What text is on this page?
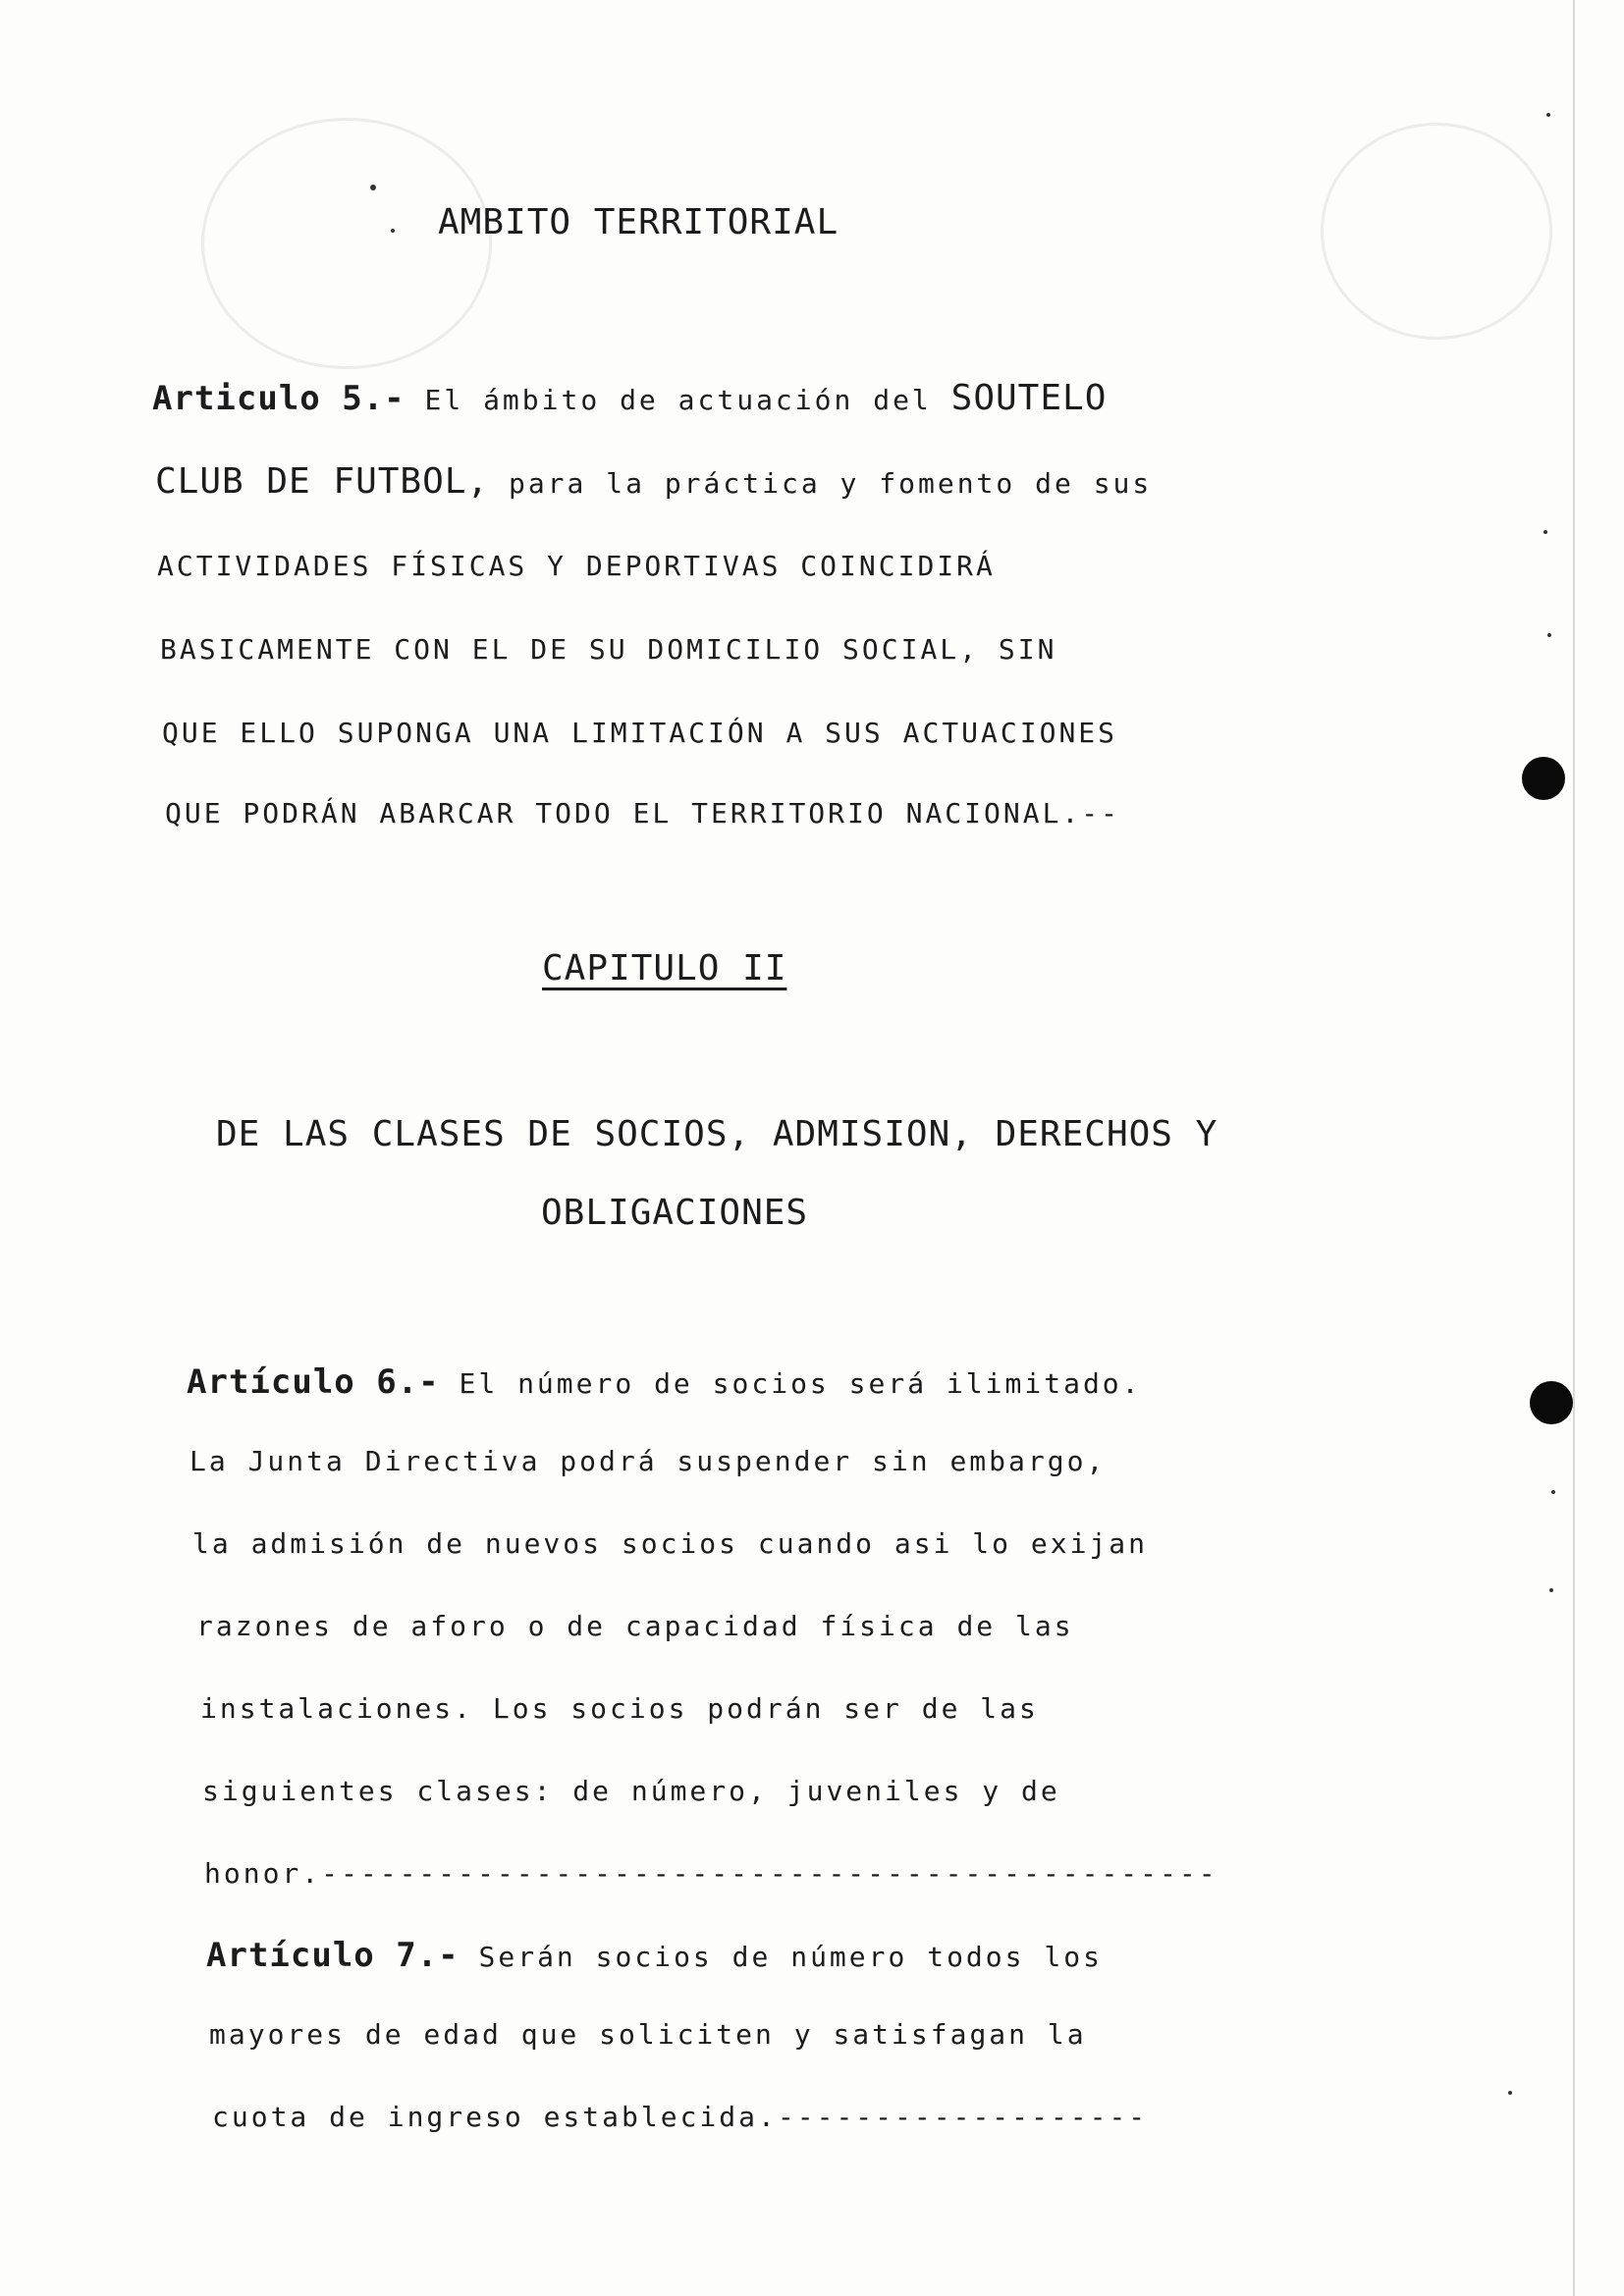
AMBITO TERRITORIAL
Articulo 5.- El ámbito de actuación del SOUTELO
CLUB DE FUTBOL, para la práctica y fomento de sus
ACTIVIDADES FÍSICAS Y DEPORTIVAS COINCIDIRÁ
BASICAMENTE CON EL DE SU DOMICILIO SOCIAL, SIN
QUE ELLO SUPONGA UNA LIMITACIÓN A SUS ACTUACIONES
QUE PODRÁN ABARCAR TODO EL TERRITORIO NACIONAL.--
CAPITULO II
DE LAS CLASES DE SOCIOS, ADMISION, DERECHOS Y
OBLIGACIONES
Artículo 6.- El número de socios será ilimitado.
La Junta Directiva podrá suspender sin embargo,
la admisión de nuevos socios cuando asi lo exijan
razones de aforo o de capacidad física de las
instalaciones. Los socios podrán ser de las
siguientes clases: de número, juveniles y de
honor.----------------------------------------------
Artículo 7.- Serán socios de número todos los
mayores de edad que soliciten y satisfagan la
cuota de ingreso establecida.-------------------
